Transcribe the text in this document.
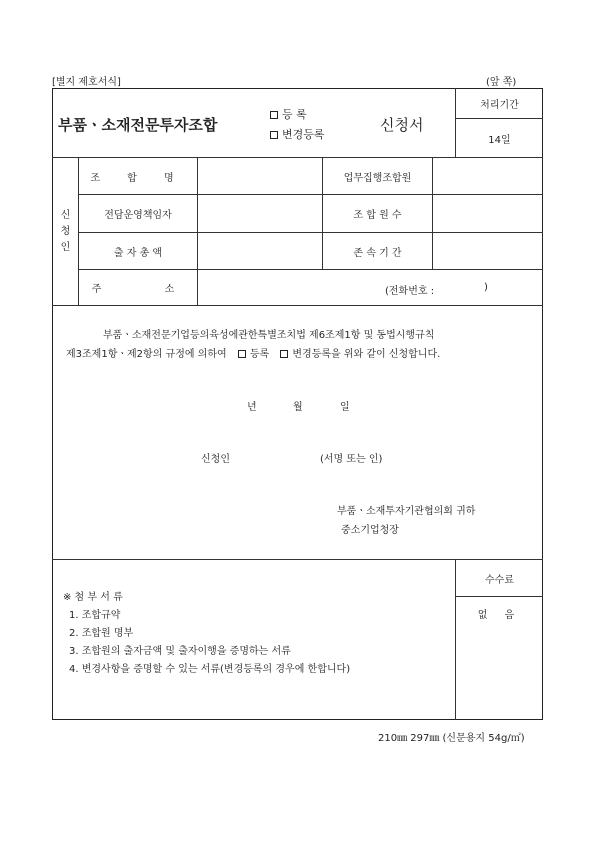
[별지 제호서식]	(앞 쪽)
부품ㆍ소재전문투자조합
등 록
변경등록
신청서
처리기간
14일
신
청
인
조 합 명	업무집행조합원
전담운영책임자	조 합 원 수
출 자 총 액	존 속 기 간
주 소	(전화번호 :	)
부품ㆍ소재전문기업등의육성에관한특별조치법 제6조제1항 및 동법시행규칙
제3조제1항ㆍ제2항의 규정에 의하여 등록 변경등록을 위와 같이 신청합니다.
년	월	일
신청인	(서명 또는 인)
부품ㆍ소재투자기관협의회 귀하
중소기업청장
수수료
없 음
※ 첨 부 서 류
1. 조합규약
2. 조합원 명부
3. 조합원의 출자금액 및 출자이행을 증명하는 서류
4. 변경사항을 증명할 수 있는 서류(변경등록의 경우에 한합니다)
210㎜ 297㎜ (신문용지 54g/㎡)
